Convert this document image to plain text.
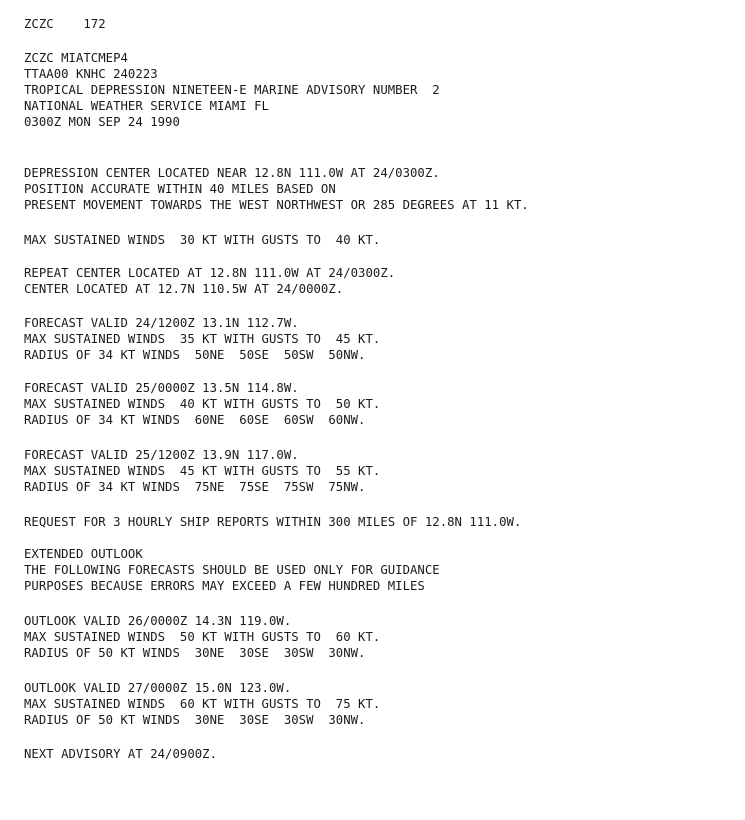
ZCZC    172

ZCZC MIATCMEP4

TTAA00 KNHC 240223

TROPICAL DEPRESSION NINETEEN-E MARINE ADVISORY NUMBER  2

NATIONAL WEATHER SERVICE MIAMI FL

0300Z MON SEP 24 1990

DEPRESSION CENTER LOCATED NEAR 12.8N 111.0W AT 24/0300Z.

POSITION ACCURATE WITHIN 40 MILES BASED ON

PRESENT MOVEMENT TOWARDS THE WEST NORTHWEST OR 285 DEGREES AT 11 KT.

MAX SUSTAINED WINDS  30 KT WITH GUSTS TO  40 KT.

REPEAT CENTER LOCATED AT 12.8N 111.0W AT 24/0300Z.

CENTER LOCATED AT 12.7N 110.5W AT 24/0000Z.

FORECAST VALID 24/1200Z 13.1N 112.7W.

MAX SUSTAINED WINDS  35 KT WITH GUSTS TO  45 KT.

RADIUS OF 34 KT WINDS  50NE  50SE  50SW  50NW.

FORECAST VALID 25/0000Z 13.5N 114.8W.

MAX SUSTAINED WINDS  40 KT WITH GUSTS TO  50 KT.

RADIUS OF 34 KT WINDS  60NE  60SE  60SW  60NW.

FORECAST VALID 25/1200Z 13.9N 117.0W.

MAX SUSTAINED WINDS  45 KT WITH GUSTS TO  55 KT.

RADIUS OF 34 KT WINDS  75NE  75SE  75SW  75NW.

REQUEST FOR 3 HOURLY SHIP REPORTS WITHIN 300 MILES OF 12.8N 111.0W.

EXTENDED OUTLOOK

THE FOLLOWING FORECASTS SHOULD BE USED ONLY FOR GUIDANCE

PURPOSES BECAUSE ERRORS MAY EXCEED A FEW HUNDRED MILES

OUTLOOK VALID 26/0000Z 14.3N 119.0W.

MAX SUSTAINED WINDS  50 KT WITH GUSTS TO  60 KT.

RADIUS OF 50 KT WINDS  30NE  30SE  30SW  30NW.

OUTLOOK VALID 27/0000Z 15.0N 123.0W.

MAX SUSTAINED WINDS  60 KT WITH GUSTS TO  75 KT.

RADIUS OF 50 KT WINDS  30NE  30SE  30SW  30NW.

NEXT ADVISORY AT 24/0900Z.
